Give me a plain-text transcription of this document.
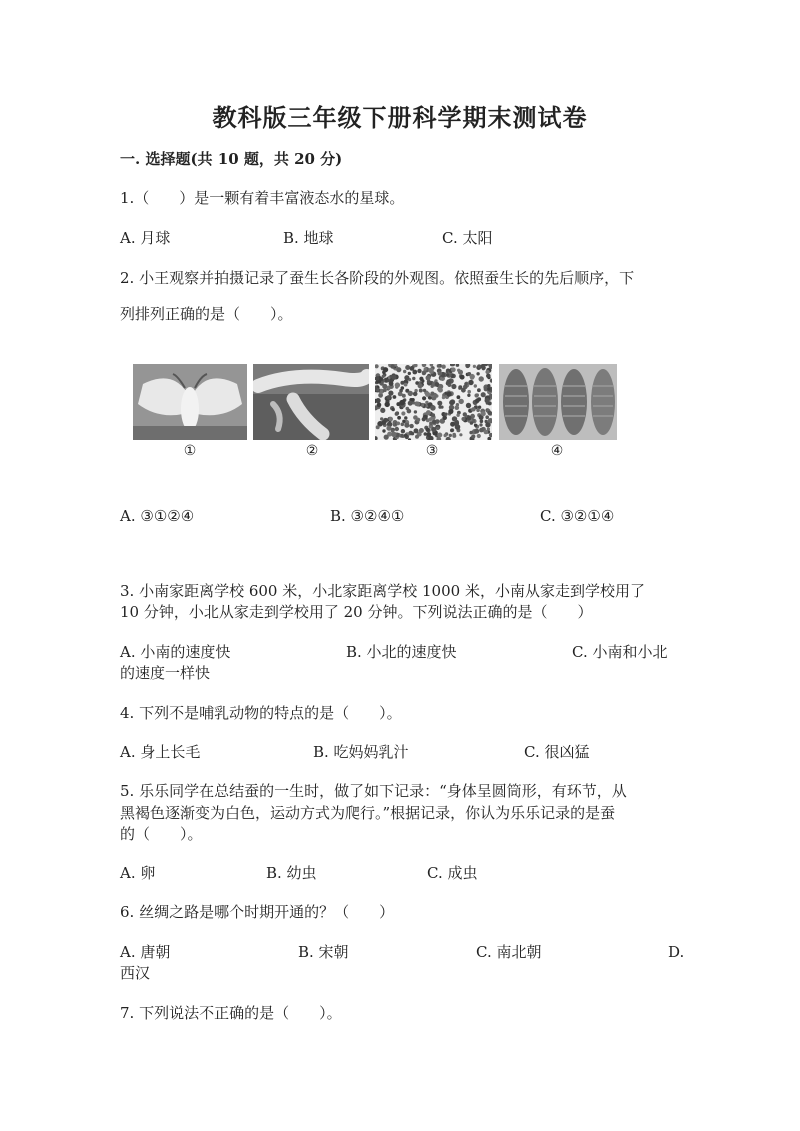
教科版三年级下册科学期末测试卷
一. 选择题(共 10 题，共 20 分)
1.（　　）是一颗有着丰富液态水的星球。
A. 月球	B. 地球	C. 太阳
2. 小王观察并拍摄记录了蚕生长各阶段的外观图。依照蚕生长的先后顺序，下
列排列正确的是（　　）。
①	②	③	④
A. ③①②④	B. ③②④①	C. ③②①④
3. 小南家距离学校 600 米，小北家距离学校 1000 米，小南从家走到学校用了
10 分钟，小北从家走到学校用了 20 分钟。下列说法正确的是（　　）
A. 小南的速度快	B. 小北的速度快	C. 小南和小北
的速度一样快
4. 下列不是哺乳动物的特点的是（　　）。
A. 身上长毛	B. 吃妈妈乳汁	C. 很凶猛
5. 乐乐同学在总结蚕的一生时，做了如下记录：“身体呈圆筒形，有环节，从
黑褐色逐渐变为白色，运动方式为爬行。”根据记录，你认为乐乐记录的是蚕
的（　　）。
A. 卵	B. 幼虫	C. 成虫
6. 丝绸之路是哪个时期开通的？（　　）
A. 唐朝	B. 宋朝	C. 南北朝	D.
西汉
7. 下列说法不正确的是（　　）。
